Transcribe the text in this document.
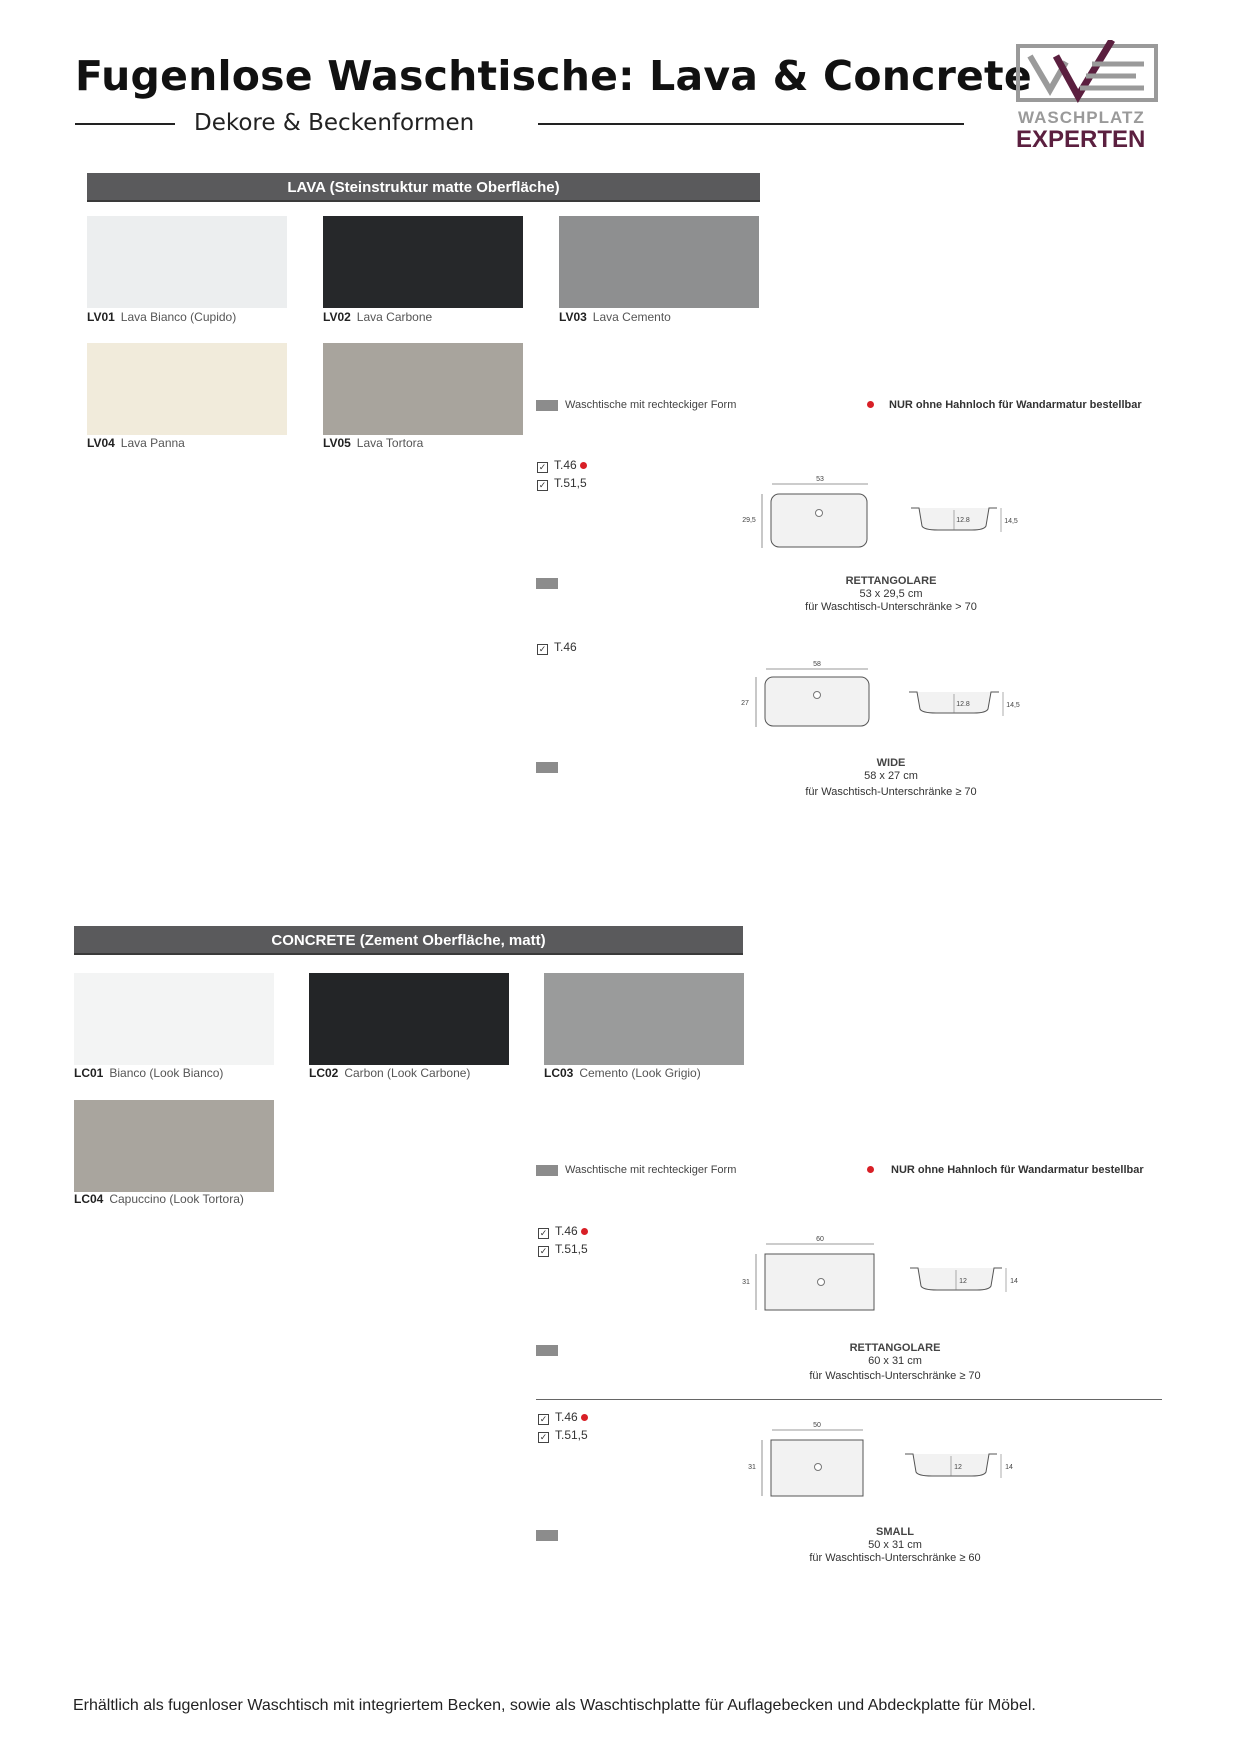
Fugenlose Waschtische: Lava & Concrete
Dekore & Beckenformen	WASCHPLATZ
EXPERTEN
LAVA (Steinstruktur matte Oberfläche)
LV01 Lava Bianco (Cupido)	LV02 Lava Carbone	LV03 Lava Cemento
LV04 Lava Panna	LV05 Lava Tortora
Waschtische mit rechteckiger Form	NUR ohne Hahnloch für Wandarmatur bestellbar
✓ T.46
✓ T.51,5	53
29,5	12.8	14,5
RETTANGOLARE
53 x 29,5 cm
für Waschtisch-Unterschränke > 70
✓ T.46
58
27	12.8	14,5
WIDE
58 x 27 cm
für Waschtisch-Unterschränke ≥ 70
CONCRETE (Zement Oberfläche, matt)
LC01 Bianco (Look Bianco)	LC02 Carbon (Look Carbone)	LC03 Cemento (Look Grigio)
LC04 Capuccino (Look Tortora)
Waschtische mit rechteckiger Form	NUR ohne Hahnloch für Wandarmatur bestellbar
✓ T.46
✓ T.51,5
60
31	12	14
RETTANGOLARE
60 x 31 cm
für Waschtisch-Unterschränke ≥ 70
✓ T.46
✓ T.51,5
50
31	12	14
SMALL
50 x 31 cm
für Waschtisch-Unterschränke ≥ 60
Erhältlich als fugenloser Waschtisch mit integriertem Becken, sowie als Waschtischplatte für Auflagebecken und Abdeckplatte für Möbel.
